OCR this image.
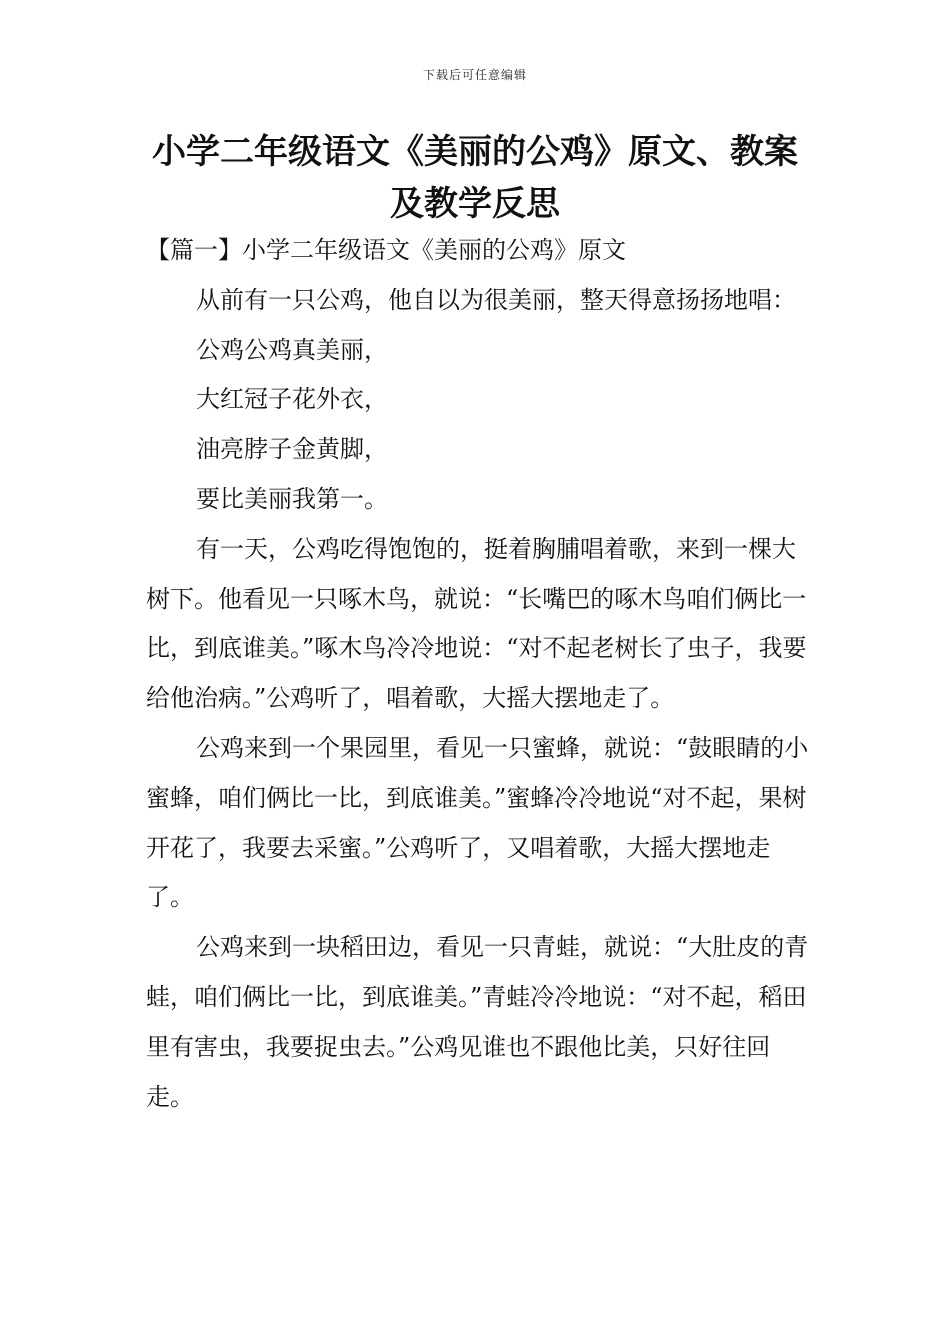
下载后可任意编辑
小学二年级语文《美丽的公鸡》原文、教案及教学反思

【篇一】小学二年级语文《美丽的公鸡》原文

从前有一只公鸡，他自以为很美丽，整天得意扬扬地唱：

公鸡公鸡真美丽，

大红冠子花外衣，

油亮脖子金黄脚，

要比美丽我第一。

有一天，公鸡吃得饱饱的，挺着胸脯唱着歌，来到一棵大树下。他看见一只啄木鸟，就说：“长嘴巴的啄木鸟咱们俩比一比，到底谁美。”啄木鸟冷冷地说：“对不起老树长了虫子，我要给他治病。”公鸡听了，唱着歌，大摇大摆地走了。

公鸡来到一个果园里，看见一只蜜蜂，就说：“鼓眼睛的小蜜蜂，咱们俩比一比，到底谁美。”蜜蜂冷冷地说“对不起，果树开花了，我要去采蜜。”公鸡听了，又唱着歌，大摇大摆地走了。

公鸡来到一块稻田边，看见一只青蛙，就说：“大肚皮的青蛙，咱们俩比一比，到底谁美。”青蛙冷冷地说：“对不起，稻田里有害虫，我要捉虫去。”公鸡见谁也不跟他比美，只好往回走。
